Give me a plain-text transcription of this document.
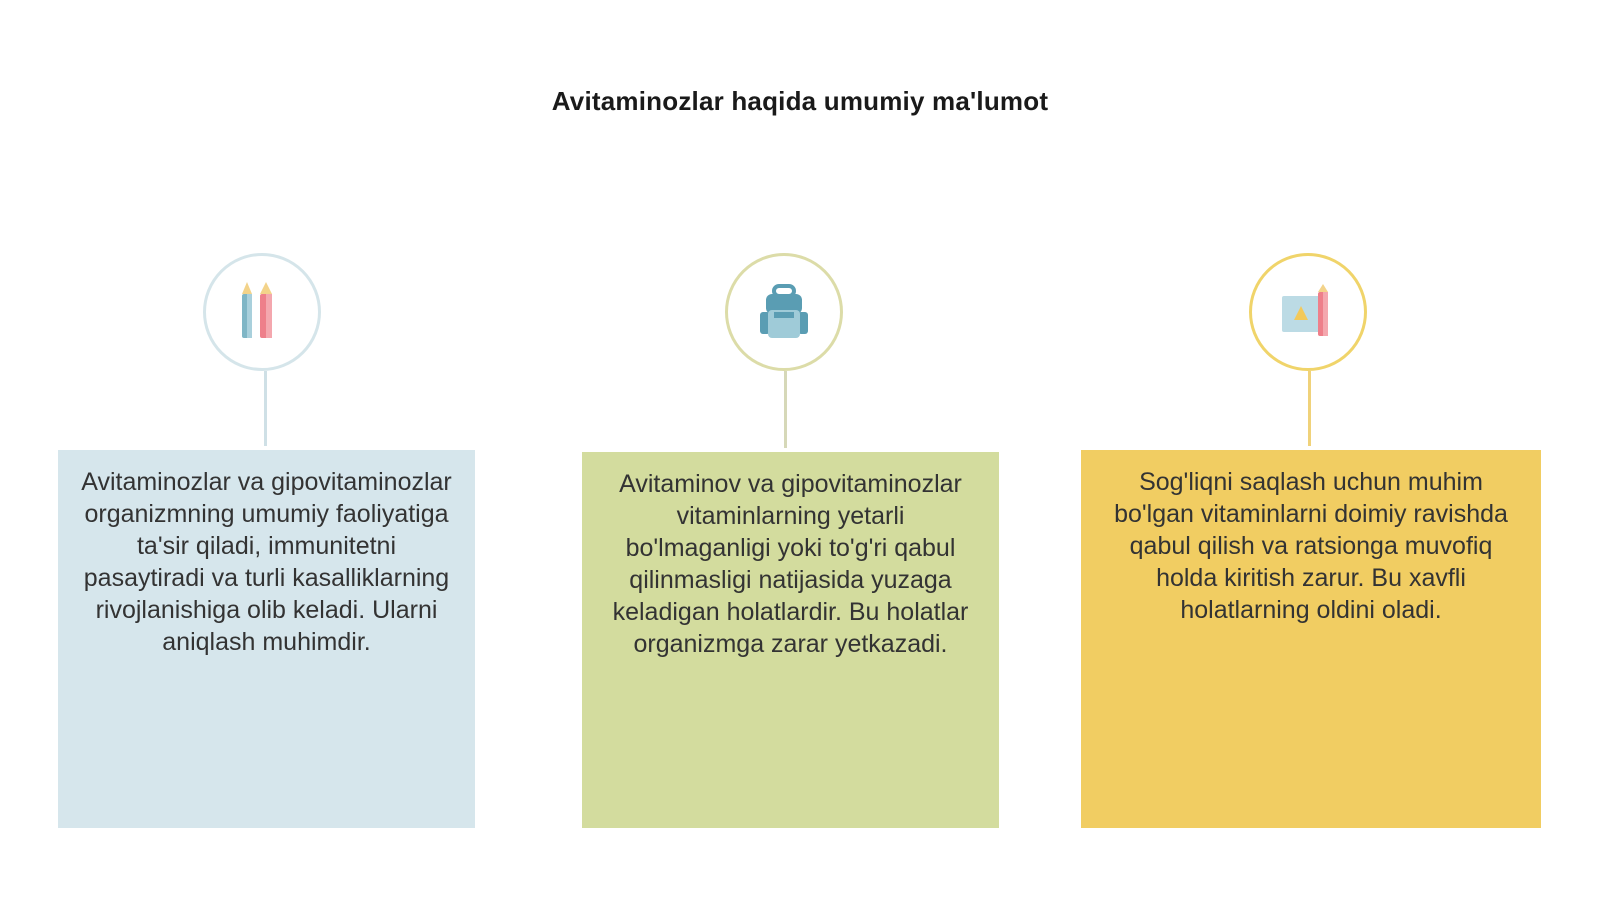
Avitaminozlar haqida umumiy ma'lumot
Avitaminozlar va gipovitaminozlar organizmning umumiy faoliyatiga ta'sir qiladi, immunitetni pasaytiradi va turli kasalliklarning rivojlanishiga olib keladi. Ularni aniqlash muhimdir.
Avitaminov va gipovitaminozlar vitaminlarning yetarli bo'lmaganligi yoki to'g'ri qabul qilinmasligi natijasida yuzaga keladigan holatlardir. Bu holatlar organizmga zarar yetkazadi.
Sog'liqni saqlash uchun muhim bo'lgan vitaminlarni doimiy ravishda qabul qilish va ratsionga muvofiq holda kiritish zarur. Bu xavfli holatlarning oldini oladi.
